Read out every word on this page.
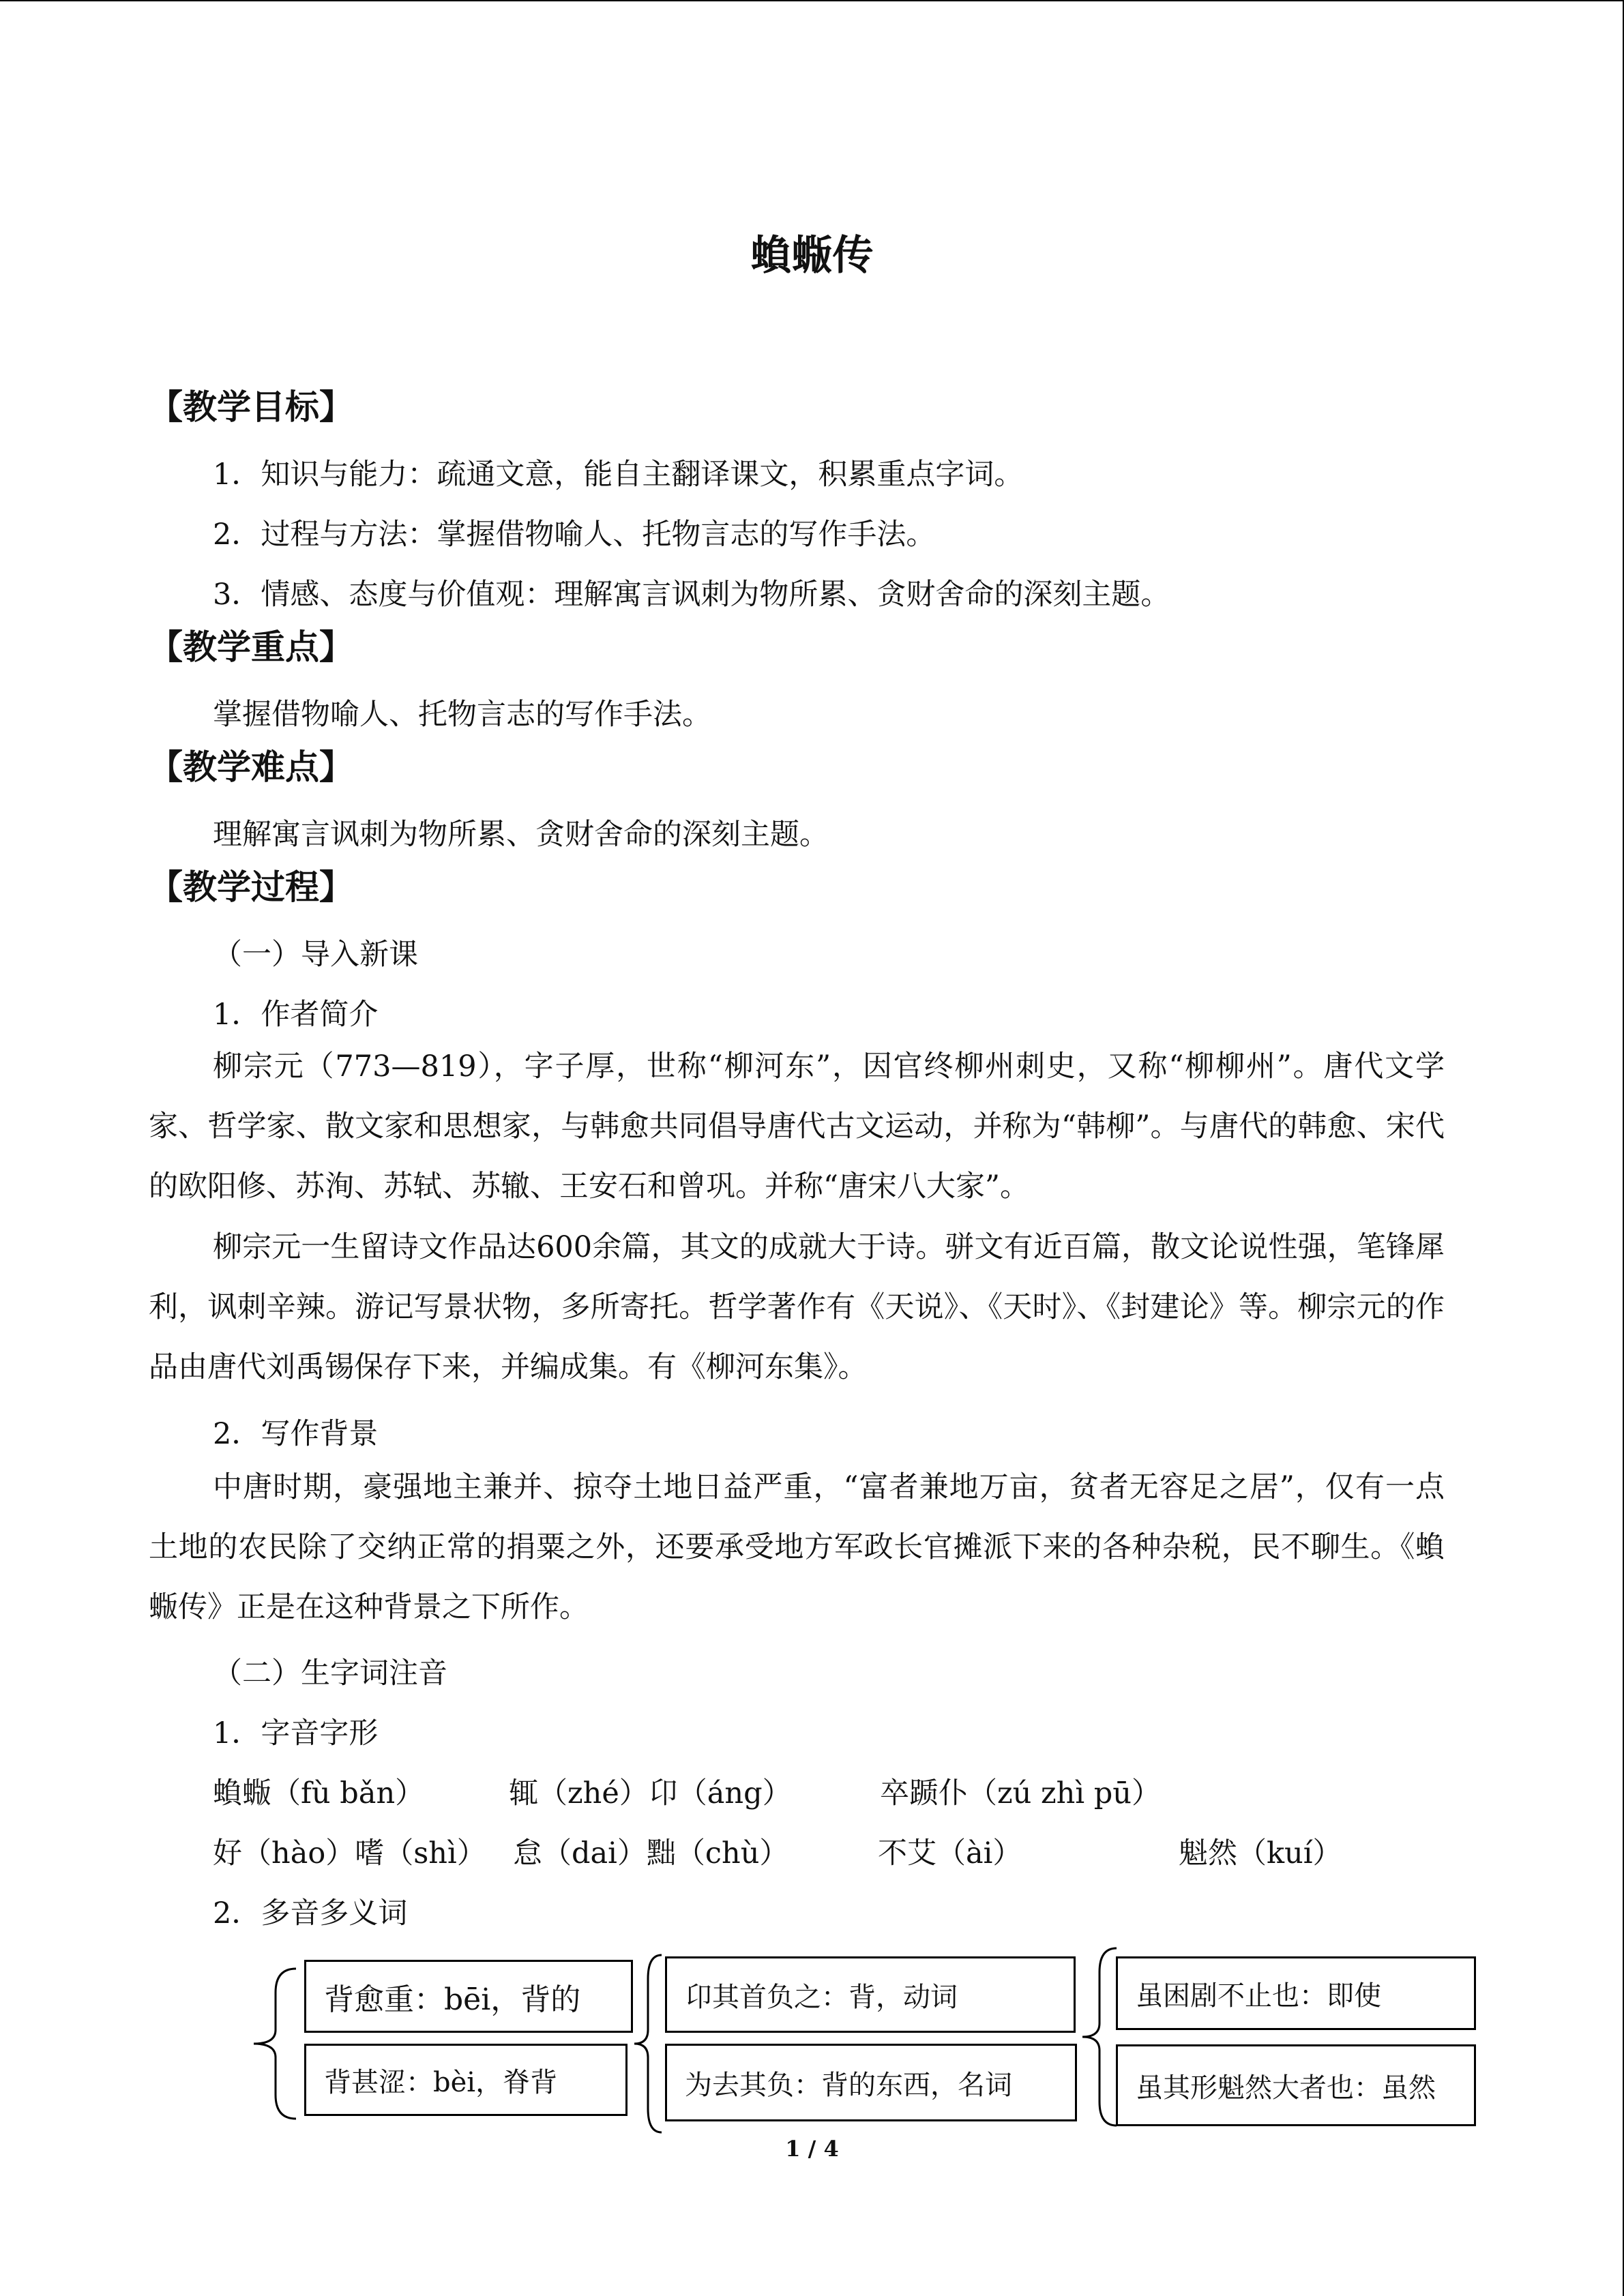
蝜蝂传
【教学目标】
1．知识与能力：疏通文意，能自主翻译课文，积累重点字词。
2．过程与方法：掌握借物喻人、托物言志的写作手法。
3．情感、态度与价值观：理解寓言讽刺为物所累、贪财舍命的深刻主题。
【教学重点】
掌握借物喻人、托物言志的写作手法。
【教学难点】
理解寓言讽刺为物所累、贪财舍命的深刻主题。
【教学过程】
（一）导入新课
1．作者简介

柳宗元（773—819），字子厚，世称“柳河东”，因官终柳州刺史，又称“柳柳州”。唐代文学家、哲学家、散文家和思想家，与韩愈共同倡导唐代古文运动，并称为“韩柳”。与唐代的韩愈、宋代的欧阳修、苏洵、苏轼、苏辙、王安石和曾巩。并称“唐宋八大家”。

柳宗元一生留诗文作品达600余篇，其文的成就大于诗。骈文有近百篇，散文论说性强，笔锋犀利，讽刺辛辣。游记写景状物，多所寄托。哲学著作有《天说》、《天时》、《封建论》等。柳宗元的作品由唐代刘禹锡保存下来，并编成集。有《柳河东集》。

2．写作背景

中唐时期，豪强地主兼并、掠夺土地日益严重，“富者兼地万亩，贫者无容足之居”，仅有一点土地的农民除了交纳正常的捐粟之外，还要承受地方军政长官摊派下来的各种杂税，民不聊生。《蝜蝂传》正是在这种背景之下所作。

（二）生字词注音
1．字音字形
蝜蝂（fù bǎn）	辄（zhé）卬（áng）	卒踬仆（zú zhì pū）
好（hào）嗜（shì） 怠（dai）黜（chù）	不艾（ài）	魁然（kuí）
2．多音多义词
背愈重：bēi，背的
背甚涩：bèi，脊背
卬其首负之：背，动词
为去其负：背的东西，名词
虽困剧不止也：即使
虽其形魁然大者也：虽然
1 / 4
